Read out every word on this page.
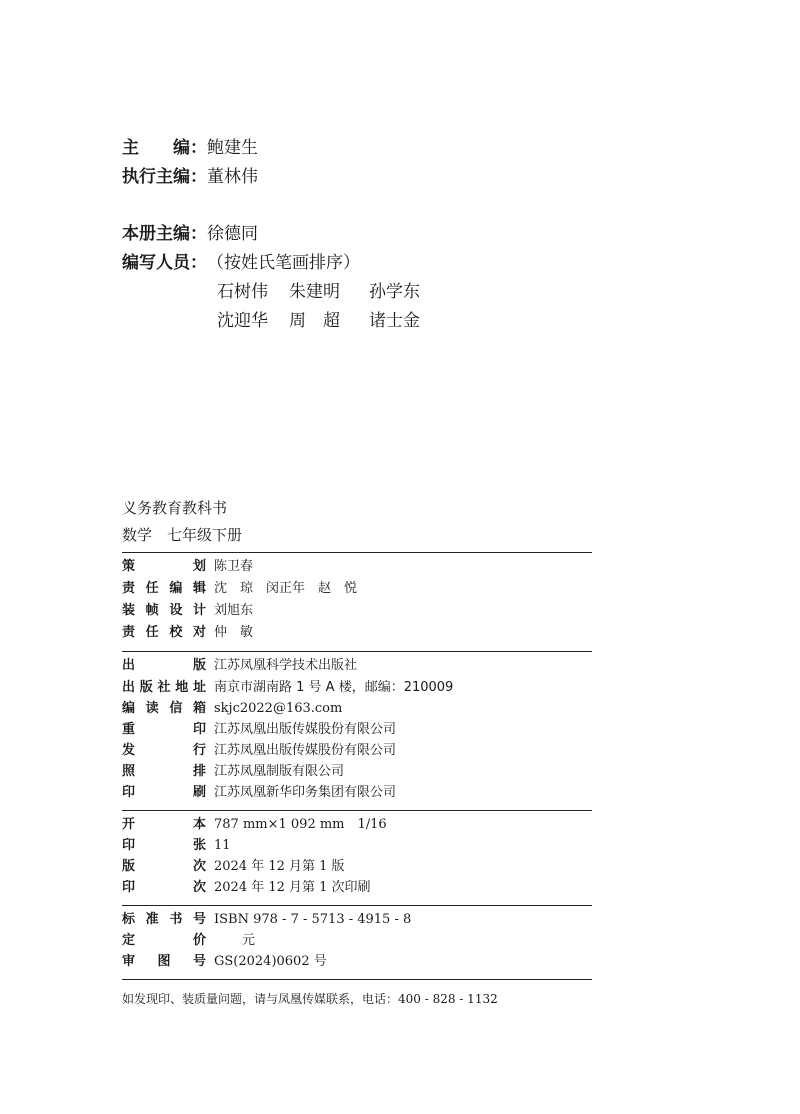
主　　编：鲍建生
执行主编：董林伟
本册主编：徐德同
编写人员：（按姓氏笔画排序）
石树伟 朱建明 孙学东
沈迎华 周　超 诸士金
义务教育教科书
数学　七年级下册
策	划 陈卫春
责 任 编 辑 沈　琼　闵正年　赵　悦
装 帧 设 计 刘旭东
责 任 校 对 仲　敏
出	版 江苏凤凰科学技术出版社
出 版 社 地 址 南京市湖南路 1 号 A 楼，邮编：210009
编 读 信 箱 skjc2022@163.com
重	印 江苏凤凰出版传媒股份有限公司
发	行 江苏凤凰出版传媒股份有限公司
照	排 江苏凤凰制版有限公司
印	刷 江苏凤凰新华印务集团有限公司
开	本 787 mm×1 092 mm　1/16
印	张 11
版	次 2024 年 12 月第 1 版
印	次 2024 年 12 月第 1 次印刷
标 准 书 号 ISBN 978 - 7 - 5713 - 4915 - 8
定	价	元
审 图 号 GS(2024)0602 号
如发现印、装质量问题，请与凤凰传媒联系，电话：400 - 828 - 1132
